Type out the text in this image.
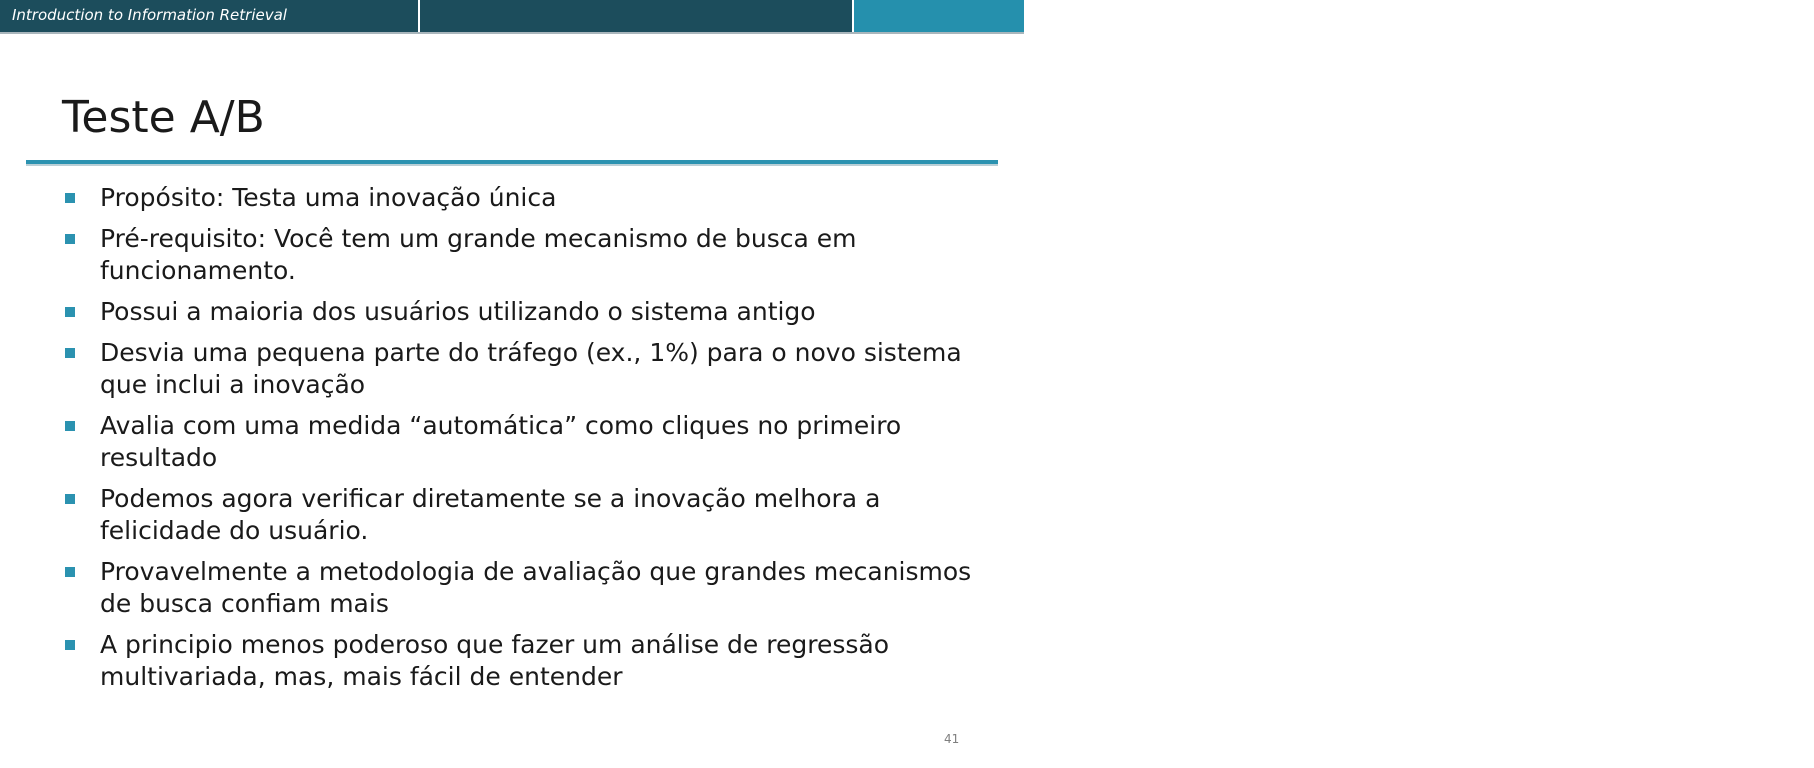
Introduction to Information Retrieval	Sec. 8.6.3
Teste A/B
Propósito: Testa uma inovação única
Pré-requisito: Você tem um grande mecanismo de busca em funcionamento.
Possui a maioria dos usuários utilizando o sistema antigo
Desvia uma pequena parte do tráfego (ex., 1%) para o novo sistema que inclui a inovação
Avalia com uma medida “automática” como cliques no primeiro resultado
Podemos agora verificar diretamente se a inovação melhora a felicidade do usuário.
Provavelmente a metodologia de avaliação que grandes mecanismos de busca confiam mais
A principio menos poderoso que fazer um análise de regressão multivariada, mas, mais fácil de entender
41
